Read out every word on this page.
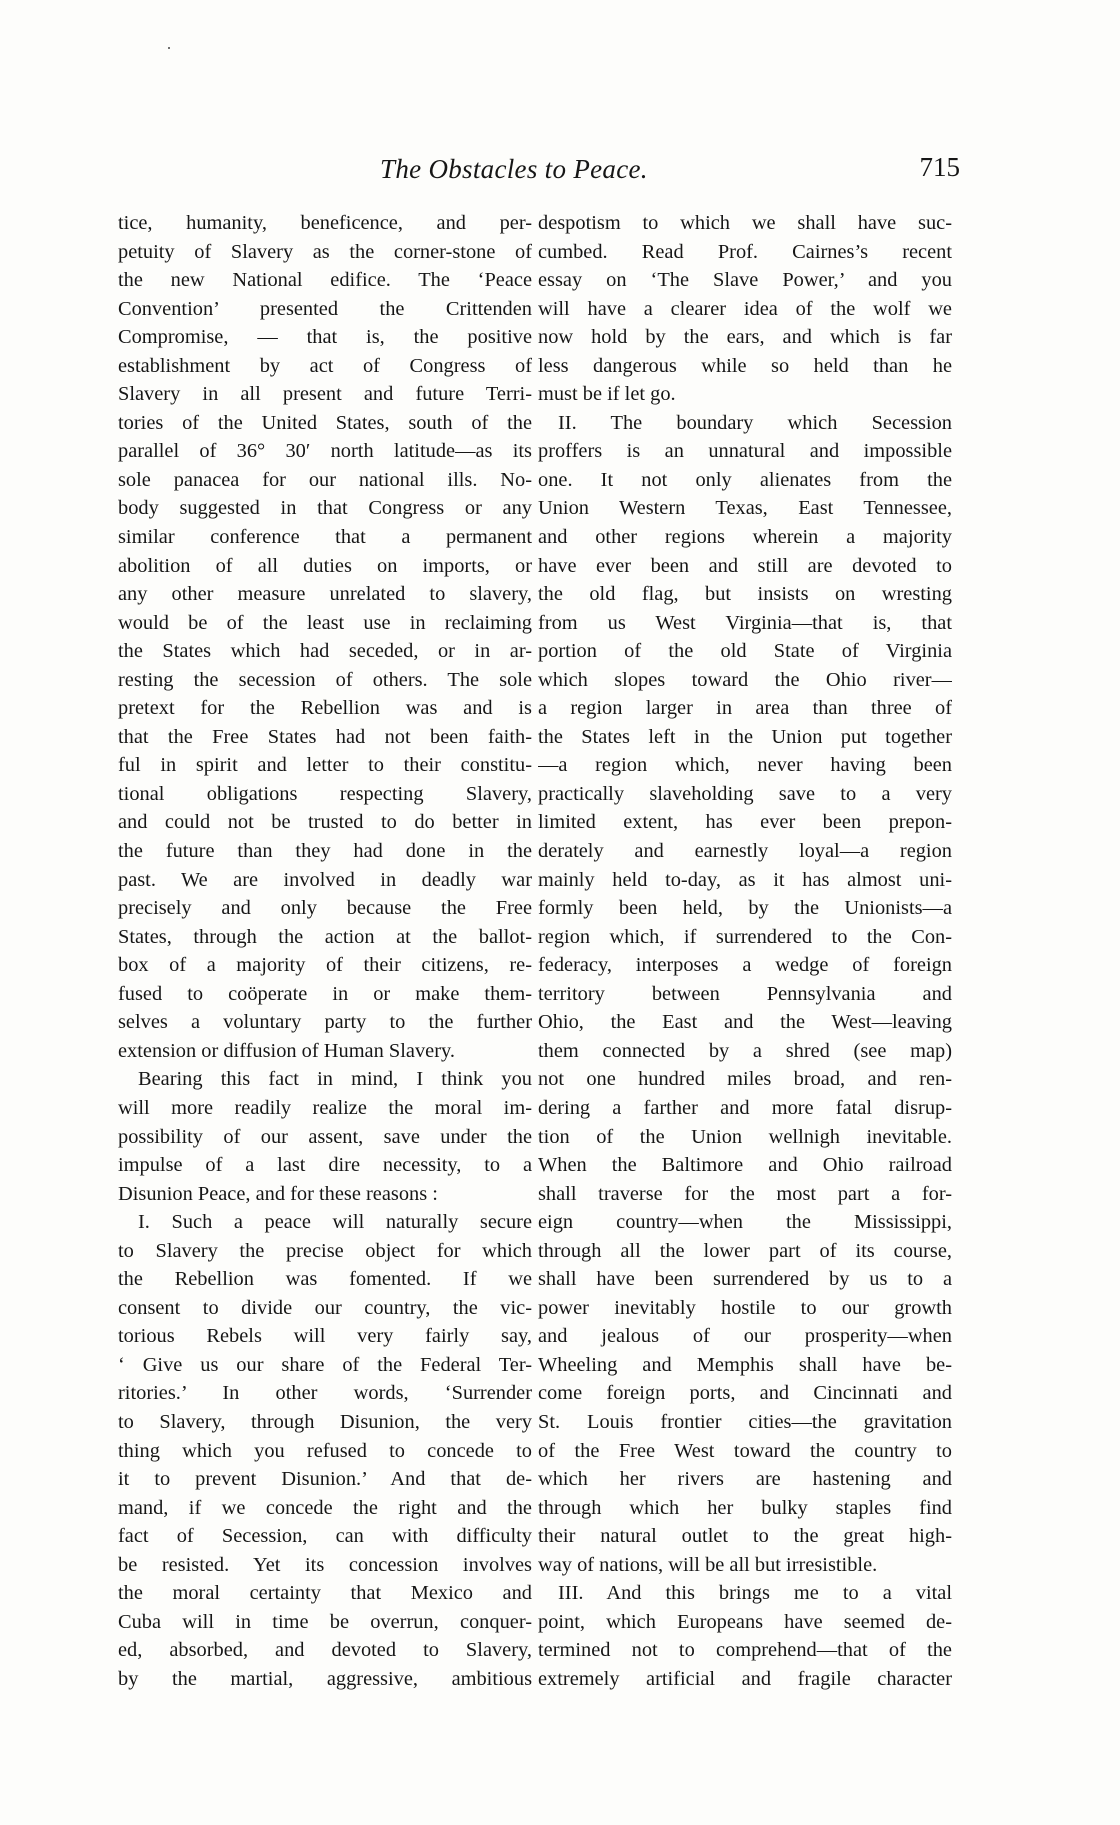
The Obstacles to Peace.	715
tice, humanity, beneficence, and per-
petuity of Slavery as the corner-stone of
the new National edifice. The ‘Peace
Convention’ presented the Crittenden
Compromise, — that is, the positive
establishment by act of Congress of
Slavery in all present and future Terri-
tories of the United States, south of the
parallel of 36° 30′ north latitude—as its
sole panacea for our national ills. No-
body suggested in that Congress or any
similar conference that a permanent
abolition of all duties on imports, or
any other measure unrelated to slavery,
would be of the least use in reclaiming
the States which had seceded, or in ar-
resting the secession of others. The sole
pretext for the Rebellion was and is
that the Free States had not been faith-
ful in spirit and letter to their constitu-
tional obligations respecting Slavery,
and could not be trusted to do better in
the future than they had done in the
past. We are involved in deadly war
precisely and only because the Free
States, through the action at the ballot-
box of a majority of their citizens, re-
fused to coöperate in or make them-
selves a voluntary party to the further
extension or diffusion of Human Slavery.
Bearing this fact in mind, I think you
will more readily realize the moral im-
possibility of our assent, save under the
impulse of a last dire necessity, to a
Disunion Peace, and for these reasons :
I. Such a peace will naturally secure
to Slavery the precise object for which
the Rebellion was fomented. If we
consent to divide our country, the vic-
torious Rebels will very fairly say,
‘ Give us our share of the Federal Ter-
ritories.’ In other words, ‘Surrender
to Slavery, through Disunion, the very
thing which you refused to concede to
it to prevent Disunion.’ And that de-
mand, if we concede the right and the
fact of Secession, can with difficulty
be resisted. Yet its concession involves
the moral certainty that Mexico and
Cuba will in time be overrun, conquer-
ed, absorbed, and devoted to Slavery,
by the martial, aggressive, ambitious
despotism to which we shall have suc-
cumbed. Read Prof. Cairnes’s recent
essay on ‘The Slave Power,’ and you
will have a clearer idea of the wolf we
now hold by the ears, and which is far
less dangerous while so held than he
must be if let go.
II. The boundary which Secession
proffers is an unnatural and impossible
one. It not only alienates from the
Union Western Texas, East Tennessee,
and other regions wherein a majority
have ever been and still are devoted to
the old flag, but insists on wresting
from us West Virginia—that is, that
portion of the old State of Virginia
which slopes toward the Ohio river—
a region larger in area than three of
the States left in the Union put together
—a region which, never having been
practically slaveholding save to a very
limited extent, has ever been prepon-
derately and earnestly loyal—a region
mainly held to-day, as it has almost uni-
formly been held, by the Unionists—a
region which, if surrendered to the Con-
federacy, interposes a wedge of foreign
territory between Pennsylvania and
Ohio, the East and the West—leaving
them connected by a shred (see map)
not one hundred miles broad, and ren-
dering a farther and more fatal disrup-
tion of the Union wellnigh inevitable.
When the Baltimore and Ohio railroad
shall traverse for the most part a for-
eign country—when the Mississippi,
through all the lower part of its course,
shall have been surrendered by us to a
power inevitably hostile to our growth
and jealous of our prosperity—when
Wheeling and Memphis shall have be-
come foreign ports, and Cincinnati and
St. Louis frontier cities—the gravitation
of the Free West toward the country to
which her rivers are hastening and
through which her bulky staples find
their natural outlet to the great high-
way of nations, will be all but irresistible.
III. And this brings me to a vital
point, which Europeans have seemed de-
termined not to comprehend—that of the
extremely artificial and fragile character
